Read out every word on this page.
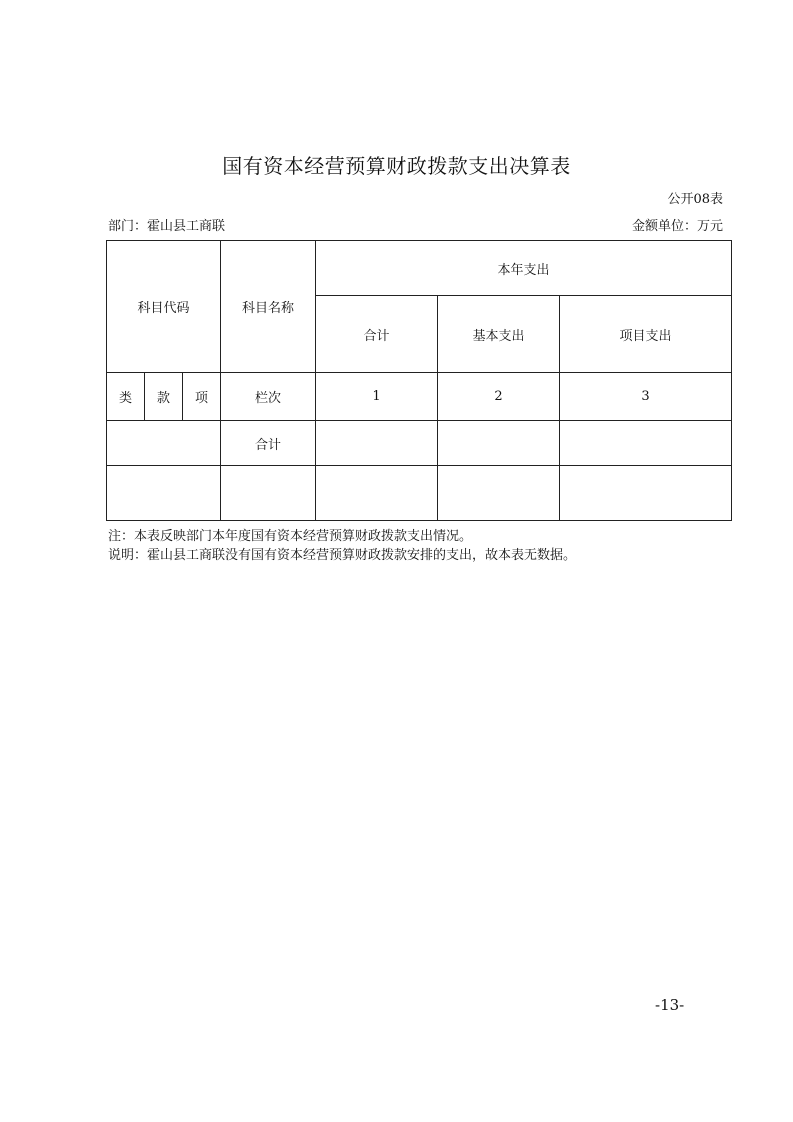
国有资本经营预算财政拨款支出决算表
公开08表
部门：霍山县工商联	金额单位：万元
科目代码			科目名称	本年支出		
				合计	基本支出	项目支出
类	款	项	栏次	1	2	3
			合计			

注：本表反映部门本年度国有资本经营预算财政拨款支出情况。
说明：霍山县工商联没有国有资本经营预算财政拨款安排的支出，故本表无数据。
-13-
